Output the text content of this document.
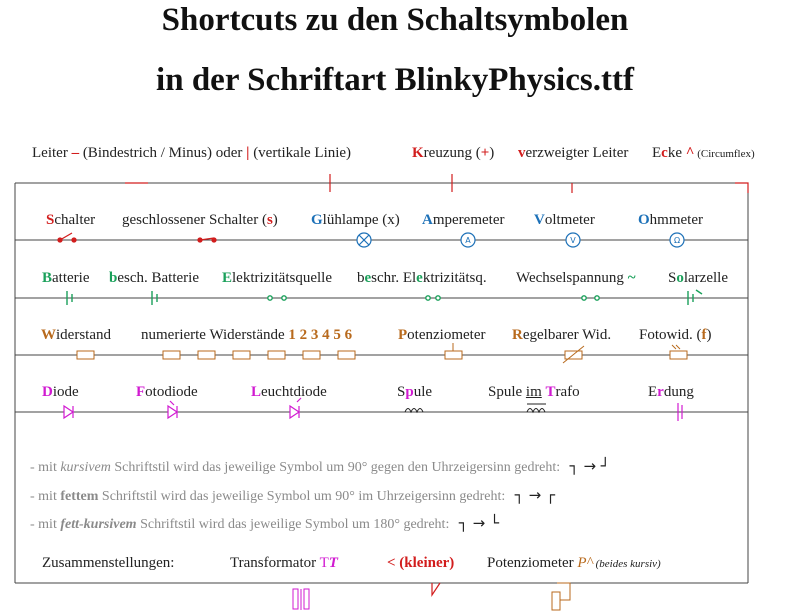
Shortcuts zu den Schaltsymbolen
in der Schriftart BlinkyPhysics.ttf
A	V	Ω
Leiter – (Bindestrich / Minus) oder | (vertikale Linie)	Kreuzung (+) verzweigter Leiter Ecke ^ (Circumflex)
Schalter geschlossener Schalter (s) Glühlampe (x) Amperemeter Voltmeter	Ohmmeter
Batterie besch. Batterie Elektrizitätsquelle beschr. Elektrizitätsq. Wechselspannung ~ Solarzelle
Widerstand numerierte Widerstände 1 2 3 4 5 6	Potenziometer Regelbarer Wid. Fotowid. (f)
Diode	Fotodiode	Leuchtdiode	Spule	Spule im Trafo	Erdung
- mit kursivem Schriftstil wird das jeweilige Symbol um 90° gegen den Uhrzeigersinn gedreht: ┐ → ┘
- mit fettem Schriftstil wird das jeweilige Symbol um 90° im Uhrzeigersinn gedreht: ┐ → ┌
- mit fett-kursivem Schriftstil wird das jeweilige Symbol um 180° gedreht: ┐ → └
Zusammenstellungen:	Transformator TT	< (kleiner) Potenziometer P^ (beides kursiv)
